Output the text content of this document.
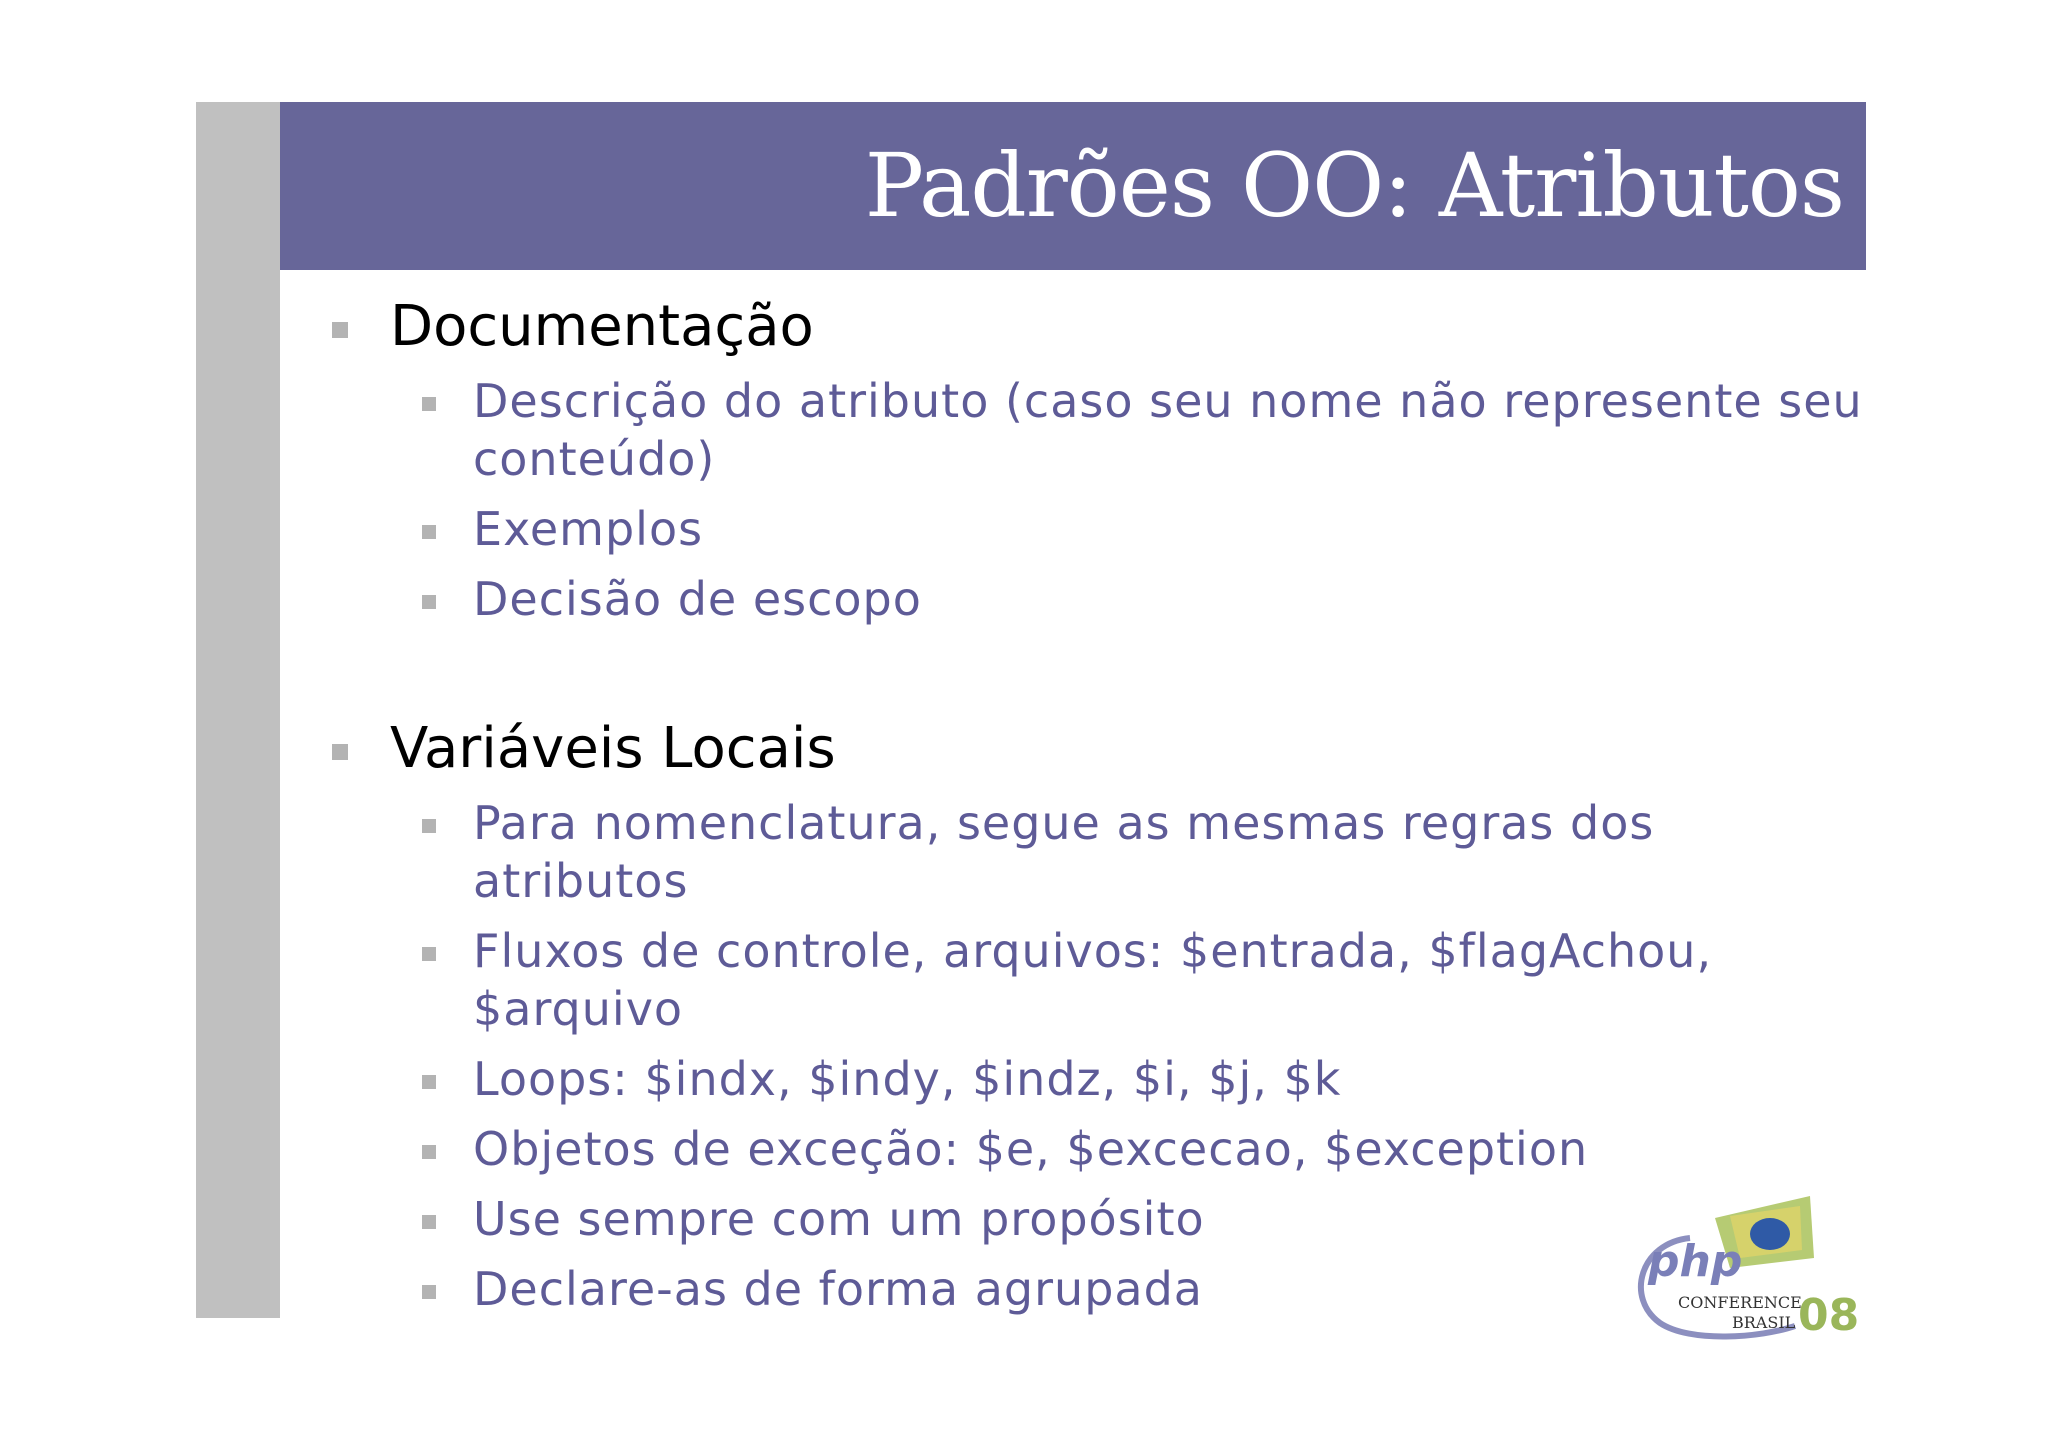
Padrões OO: Atributos
Documentação
Descrição do atributo (caso seu nome não represente seu conteúdo)
Exemplos
Decisão de escopo
Variáveis Locais
Para nomenclatura, segue as mesmas regras dos atributos
Fluxos de controle, arquivos: $entrada, $flagAchou, $arquivo
Loops: $indx, $indy, $indz, $i, $j, $k
Objetos de exceção: $e, $excecao, $exception
Use sempre com um propósito
Declare-as de forma agrupada
php
CONFERENCE
BRASIL 08
